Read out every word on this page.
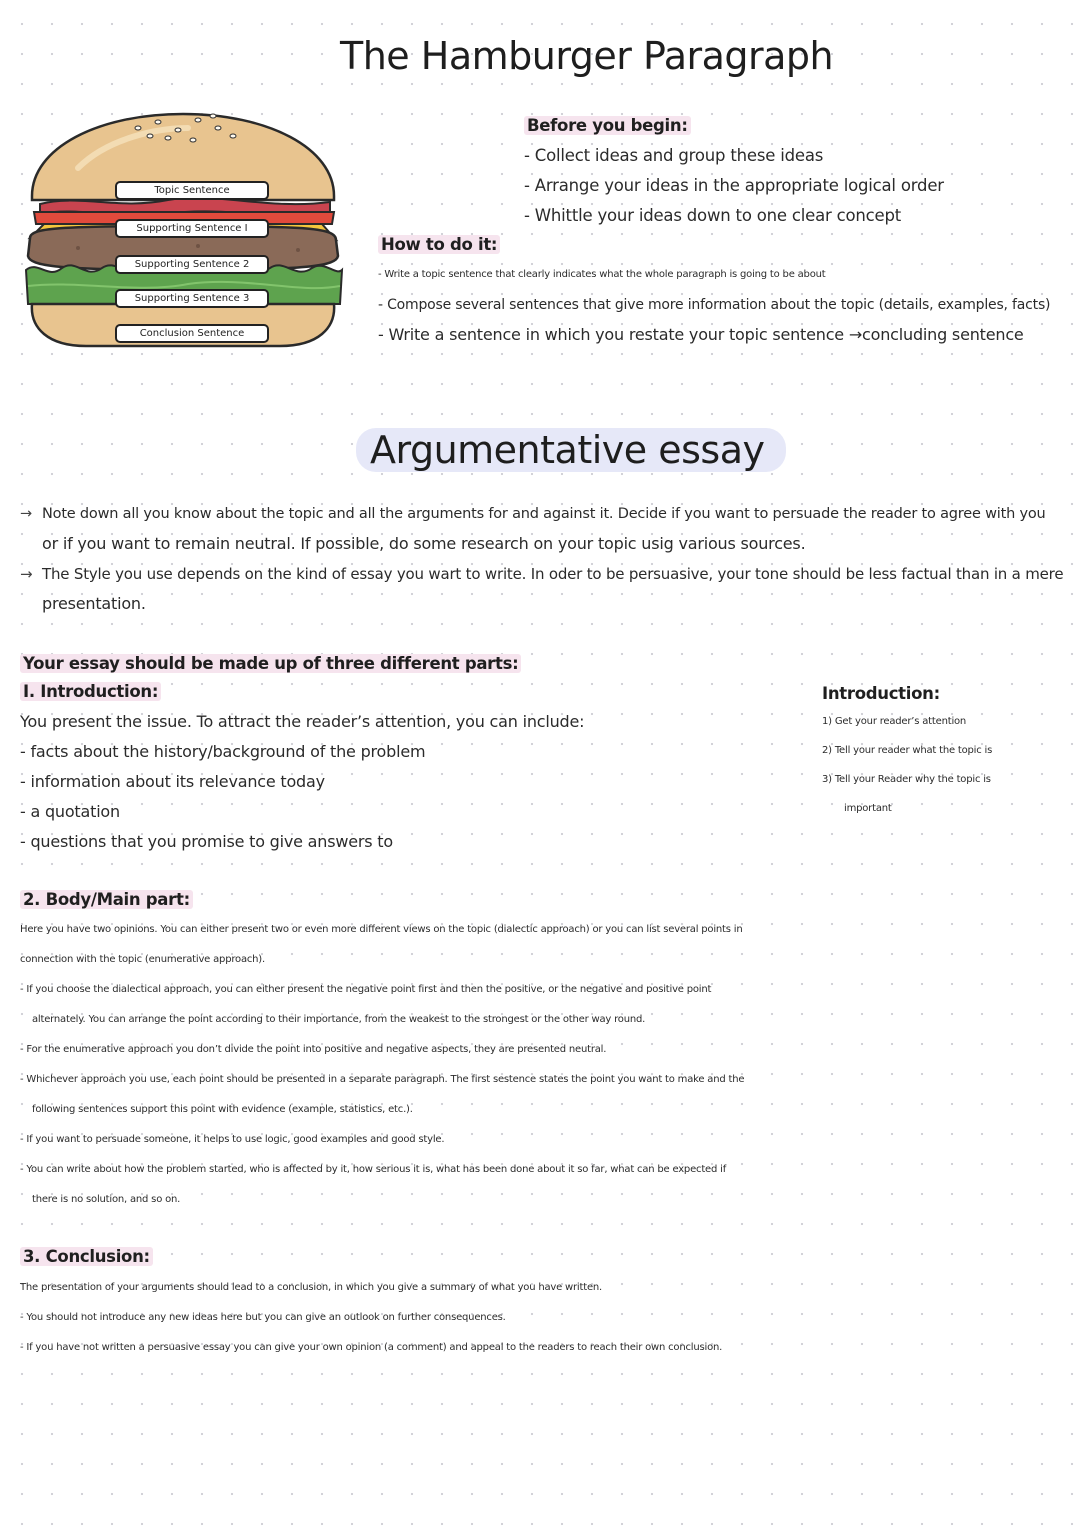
The Hamburger Paragraph
Topic Sentence
Supporting Sentence I
Supporting Sentence 2
Supporting Sentence 3
Conclusion Sentence
Before you begin:
- Collect ideas and group these ideas
- Arrange your ideas in the appropriate logical order
- Whittle your ideas down to one clear concept
How to do it:
- Write a topic sentence that clearly indicates what the whole paragraph is going to be about
- Compose several sentences that give more information about the topic (details, examples, facts)
- Write a sentence in which you restate your topic sentence →concluding sentence
Argumentative essay
→ Note down all you know about the topic and all the arguments for and against it. Decide if you want to persuade the reader to agree with you
or if you want to remain neutral. If possible, do some research on your topic usig various sources.
→ The Style you use depends on the kind of essay you wart to write. In oder to be persuasive, your tone should be less factual than in a mere
presentation.
Your essay should be made up of three different parts:
I. Introduction:
You present the issue. To attract the reader’s attention, you can include:
- facts about the history/background of the problem
- information about its relevance today
- a quotation
- questions that you promise to give answers to
Introduction:
1) Get your reader’s attention
2) Tell your reader what the topic is
3) Tell your Reader why the topic is
important
2. Body/Main part:
Here you have two opinions. You can either present two or even more different views on the topic (dialectic approach) or you can list several points in
connection with the topic (enumerative approach).
- If you choose the dialectical approach, you can either present the negative point first and then the positive, or the negative and positive point
alternately. You can arrange the point according to their importance, from the weakest to the strongest or the other way round.
- For the enumerative approach you don’t divide the point into positive and negative aspects, they are presented neutral.
- Whichever approach you use, each point should be presented in a separate paragraph. The first sestence states the point you want to make and the
following sentences support this point with evidence (example, statistics, etc.).
- If you want to persuade someone, it helps to use logic, good examples and good style.
- You can write about how the problem started, who is affected by it, how serious it is, what has been done about it so far, what can be expected if
there is no solution, and so on.
3. Conclusion:
The presentation of your arguments should lead to a conclusion, in which you give a summary of what you have written.
- You should not introduce any new ideas here but you can give an outlook on further consequences.
- If you have not written a persuasive essay you can give your own opinion (a comment) and appeal to the readers to reach their own conclusion.
